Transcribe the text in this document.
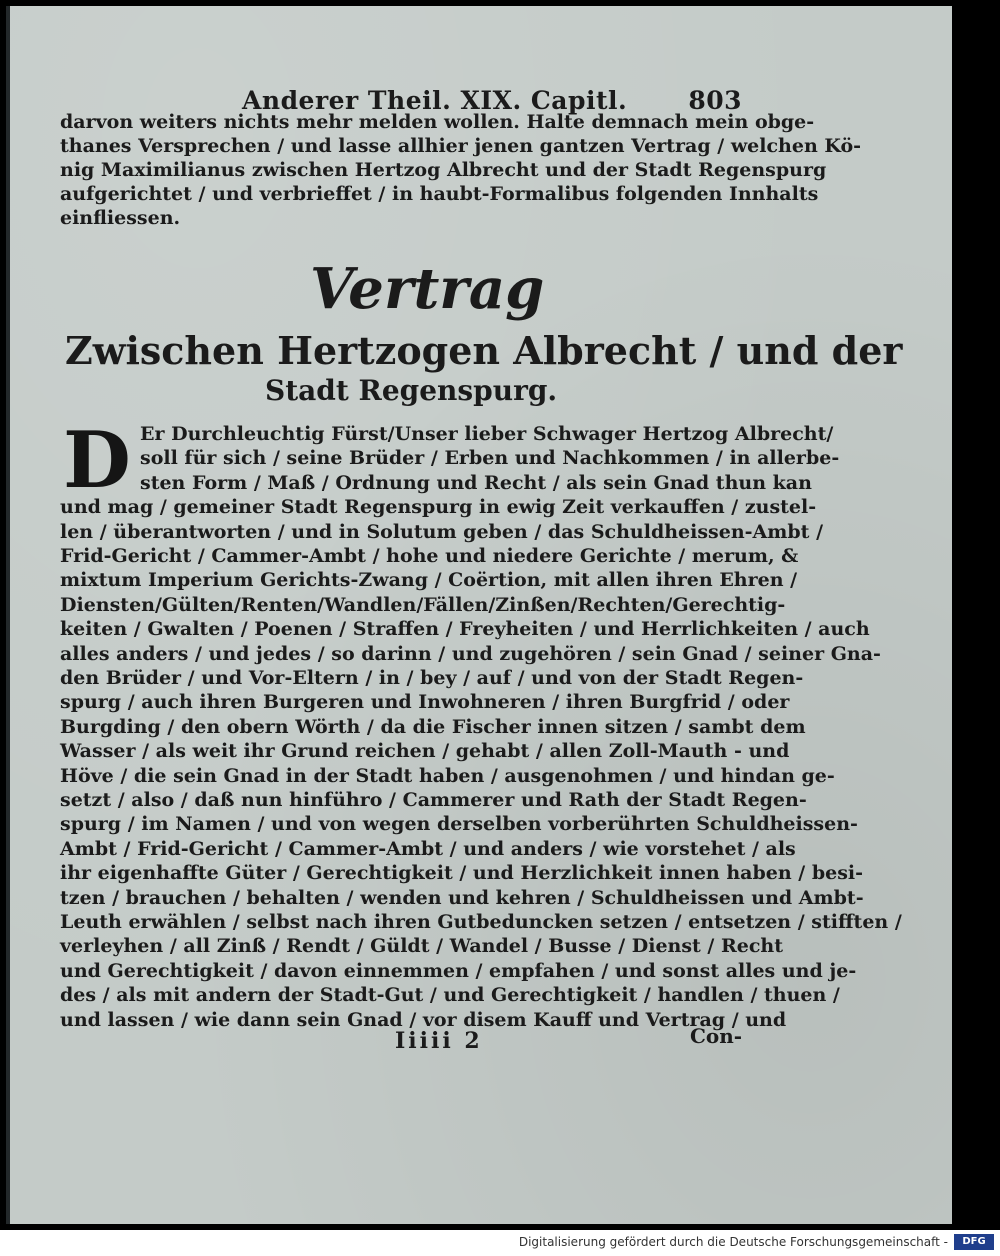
Anderer Theil. XIX. Capitl. 803
darvon weiters nichts mehr melden wollen. Halte demnach mein obge-
thanes Versprechen / und lasse allhier jenen gantzen Vertrag / welchen Kö-
nig Maximilianus zwischen Hertzog Albrecht und der Stadt Regenspurg
aufgerichtet / und verbrieffet / in haubt-Formalibus folgenden Innhalts
einfliessen.
Vertrag
Zwischen Hertzogen Albrecht / und der
Stadt Regenspurg.
D Er Durchleuchtig Fürst/Unser lieber Schwager Hertzog Albrecht/
soll für sich / seine Brüder / Erben und Nachkommen / in allerbe-
sten Form / Maß / Ordnung und Recht / als sein Gnad thun kan
und mag / gemeiner Stadt Regenspurg in ewig Zeit verkauffen / zustel-
len / überantworten / und in Solutum geben / das Schuldheissen-Ambt /
Frid-Gericht / Cammer-Ambt / hohe und niedere Gerichte / merum, &
mixtum Imperium Gerichts-Zwang / Coërtion, mit allen ihren Ehren /
Diensten/Gülten/Renten/Wandlen/Fällen/Zinßen/Rechten/Gerechtig-
keiten / Gwalten / Poenen / Straffen / Freyheiten / und Herrlichkeiten / auch
alles anders / und jedes / so darinn / und zugehören / sein Gnad / seiner Gna-
den Brüder / und Vor-Eltern / in / bey / auf / und von der Stadt Regen-
spurg / auch ihren Burgeren und Inwohneren / ihren Burgfrid / oder
Burgding / den obern Wörth / da die Fischer innen sitzen / sambt dem
Wasser / als weit ihr Grund reichen / gehabt / allen Zoll-Mauth - und
Höve / die sein Gnad in der Stadt haben / ausgenohmen / und hindan ge-
setzt / also / daß nun hinführo / Cammerer und Rath der Stadt Regen-
spurg / im Namen / und von wegen derselben vorberührten Schuldheissen-
Ambt / Frid-Gericht / Cammer-Ambt / und anders / wie vorstehet / als
ihr eigenhaffte Güter / Gerechtigkeit / und Herzlichkeit innen haben / besi-
tzen / brauchen / behalten / wenden und kehren / Schuldheissen und Ambt-
Leuth erwählen / selbst nach ihren Gutbeduncken setzen / entsetzen / stifften /
verleyhen / all Zinß / Rendt / Güldt / Wandel / Busse / Dienst / Recht
und Gerechtigkeit / davon einnemmen / empfahen / und sonst alles und je-
des / als mit andern der Stadt-Gut / und Gerechtigkeit / handlen / thuen /
und lassen / wie dann sein Gnad / vor disem Kauff und Vertrag / und
Iiiii 2	Con-
Digitalisierung gefördert durch die Deutsche Forschungsgemeinschaft -	DFG
